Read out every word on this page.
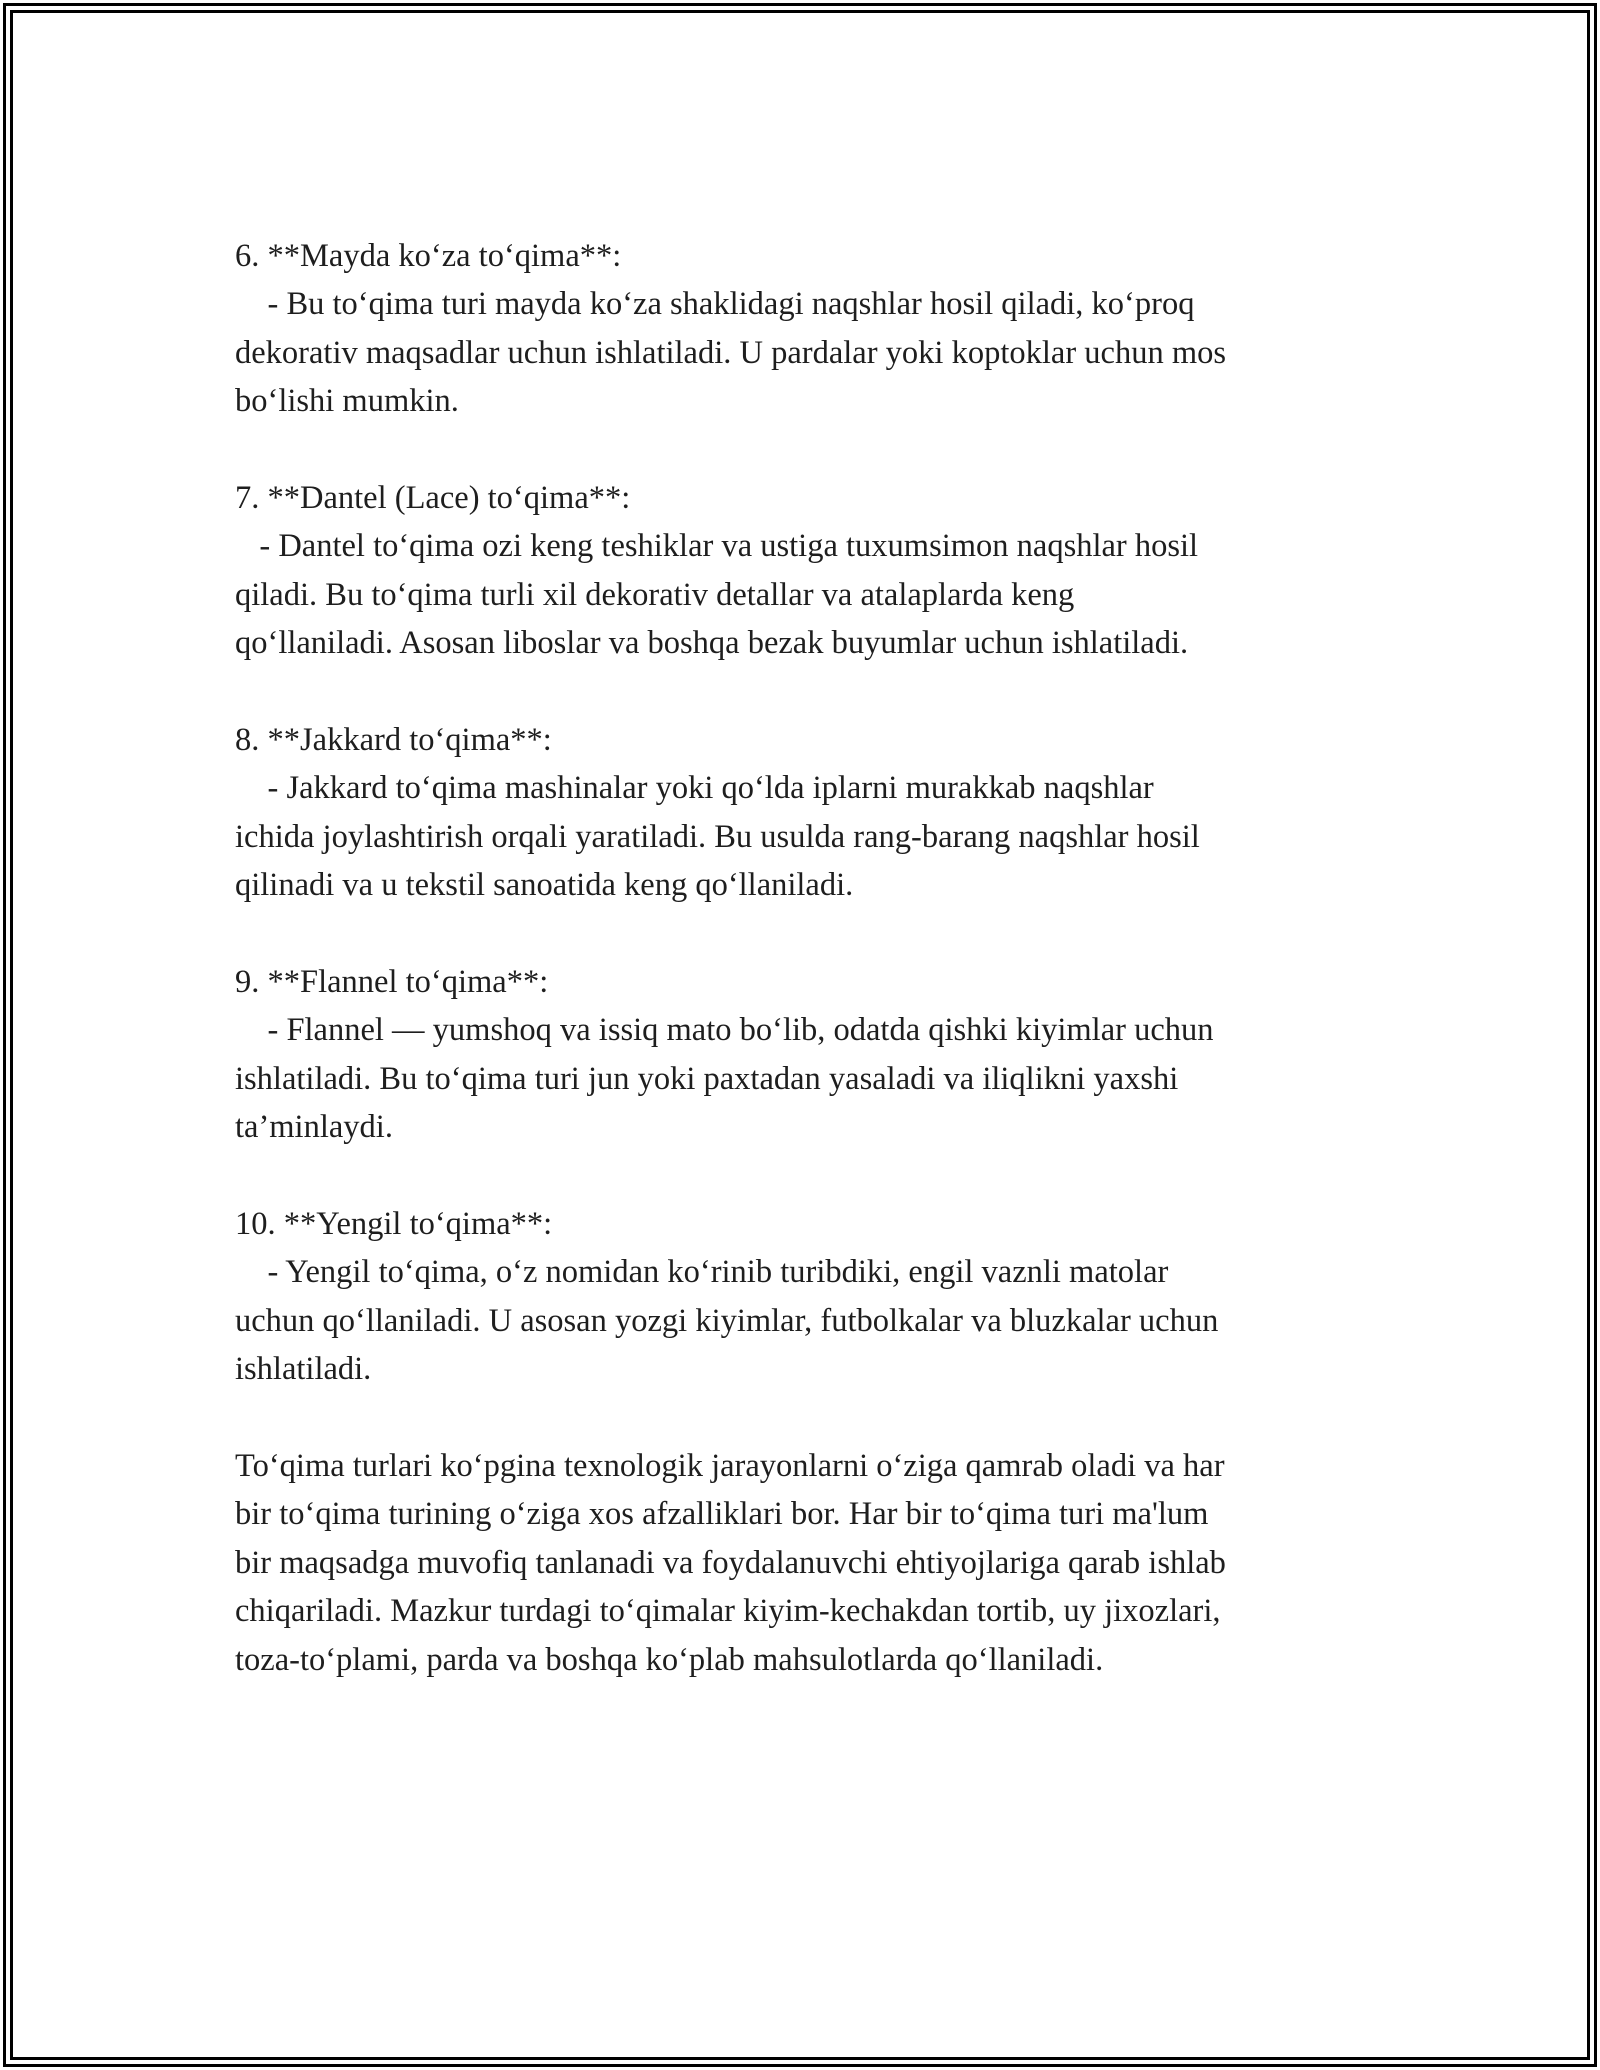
6. **Mayda ko‘za to‘qima**:
- Bu to‘qima turi mayda ko‘za shaklidagi naqshlar hosil qiladi, ko‘proq
dekorativ maqsadlar uchun ishlatiladi. U pardalar yoki koptoklar uchun mos
bo‘lishi mumkin.
7. **Dantel (Lace) to‘qima**:
- Dantel to‘qima ozi keng teshiklar va ustiga tuxumsimon naqshlar hosil
qiladi. Bu to‘qima turli xil dekorativ detallar va atalaplarda keng
qo‘llaniladi. Asosan liboslar va boshqa bezak buyumlar uchun ishlatiladi.
8. **Jakkard to‘qima**:
- Jakkard to‘qima mashinalar yoki qo‘lda iplarni murakkab naqshlar
ichida joylashtirish orqali yaratiladi. Bu usulda rang-barang naqshlar hosil
qilinadi va u tekstil sanoatida keng qo‘llaniladi.
9. **Flannel to‘qima**:
- Flannel — yumshoq va issiq mato bo‘lib, odatda qishki kiyimlar uchun
ishlatiladi. Bu to‘qima turi jun yoki paxtadan yasaladi va iliqlikni yaxshi
ta’minlaydi.
10. **Yengil to‘qima**:
- Yengil to‘qima, o‘z nomidan ko‘rinib turibdiki, engil vaznli matolar
uchun qo‘llaniladi. U asosan yozgi kiyimlar, futbolkalar va bluzkalar uchun
ishlatiladi.
To‘qima turlari ko‘pgina texnologik jarayonlarni o‘ziga qamrab oladi va har
bir to‘qima turining o‘ziga xos afzalliklari bor. Har bir to‘qima turi ma'lum
bir maqsadga muvofiq tanlanadi va foydalanuvchi ehtiyojlariga qarab ishlab
chiqariladi. Mazkur turdagi to‘qimalar kiyim-kechakdan tortib, uy jixozlari,
toza-to‘plami, parda va boshqa ko‘plab mahsulotlarda qo‘llaniladi.
